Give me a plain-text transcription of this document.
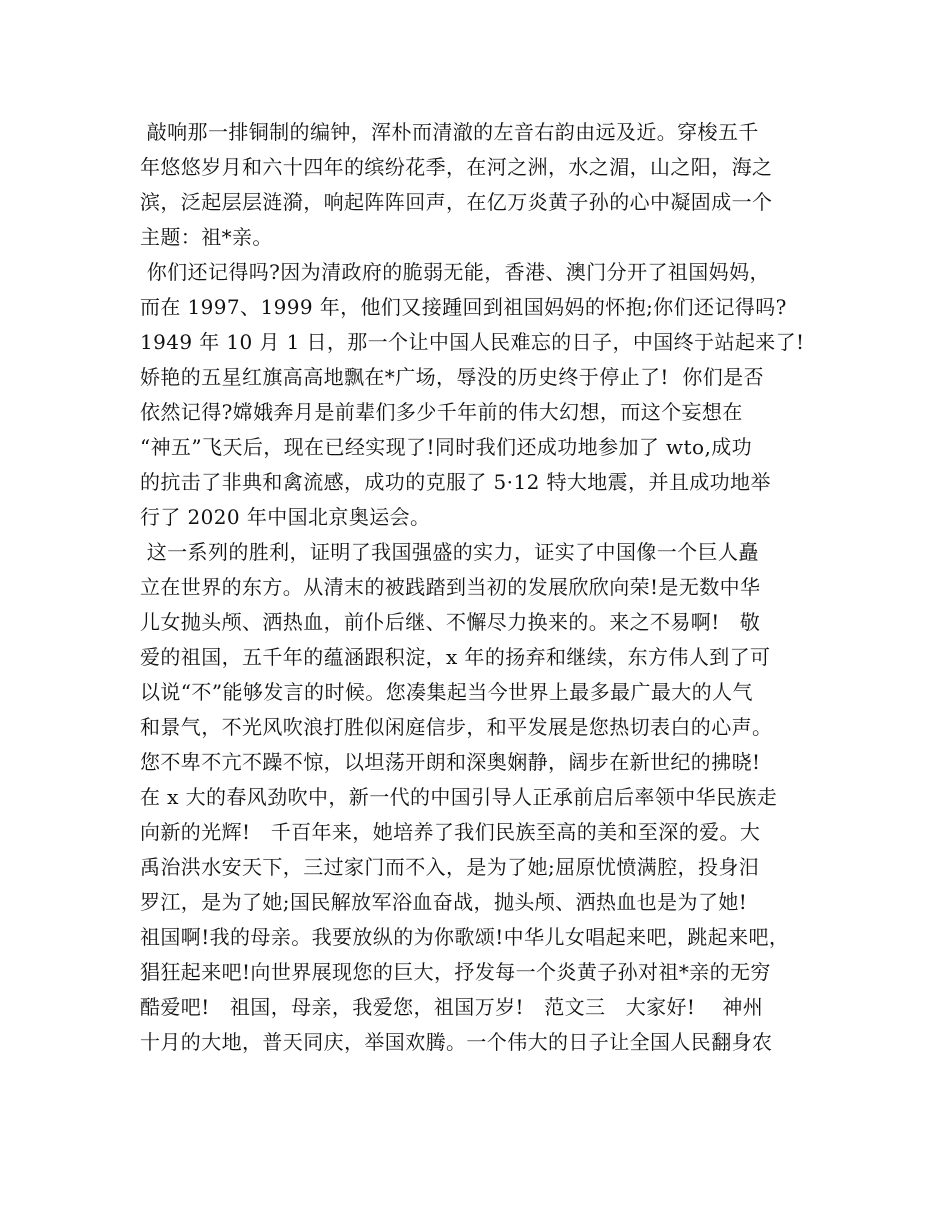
敲响那一排铜制的编钟，浑朴而清澈的左音右韵由远及近。穿梭五千
年悠悠岁月和六十四年的缤纷花季，在河之洲，水之湄，山之阳，海之
滨，泛起层层涟漪，响起阵阵回声，在亿万炎黄子孙的心中凝固成一个
主题：祖*亲。
你们还记得吗?因为清政府的脆弱无能，香港、澳门分开了祖国妈妈，
而在 1997、1999 年，他们又接踵回到祖国妈妈的怀抱;你们还记得吗?
1949 年 10 月 1 日，那一个让中国人民难忘的日子，中国终于站起来了!
娇艳的五星红旗高高地飘在*广场，辱没的历史终于停止了!  你们是否
依然记得?嫦娥奔月是前辈们多少千年前的伟大幻想，而这个妄想在
“神五”飞天后，现在已经实现了!同时我们还成功地参加了 wto,成功
的抗击了非典和禽流感，成功的克服了 5·12 特大地震，并且成功地举
行了 2020 年中国北京奥运会。
这一系列的胜利，证明了我国强盛的实力，证实了中国像一个巨人矗
立在世界的东方。从清末的被践踏到当初的发展欣欣向荣!是无数中华
儿女抛头颅、洒热血，前仆后继、不懈尽力换来的。来之不易啊!   敬
爱的祖国，五千年的蕴涵跟积淀，x 年的扬弃和继续，东方伟人到了可
以说“不”能够发言的时候。您凑集起当今世界上最多最广最大的人气
和景气，不光风吹浪打胜似闲庭信步，和平发展是您热切表白的心声。
您不卑不亢不躁不惊，以坦荡开朗和深奥娴静，阔步在新世纪的拂晓!
在 x 大的春风劲吹中，新一代的中国引导人正承前启后率领中华民族走
向新的光辉!   千百年来，她培养了我们民族至高的美和至深的爱。大
禹治洪水安天下，三过家门而不入，是为了她;屈原忧愤满腔，投身汨
罗江，是为了她;国民解放军浴血奋战，抛头颅、洒热血也是为了她!
祖国啊!我的母亲。我要放纵的为你歌颂!中华儿女唱起来吧，跳起来吧，
猖狂起来吧!向世界展现您的巨大，抒发每一个炎黄子孙对祖*亲的无穷
酷爱吧!   祖国，母亲，我爱您，祖国万岁!   范文三   大家好!    神州
十月的大地，普天同庆，举国欢腾。一个伟大的日子让全国人民翻身农
